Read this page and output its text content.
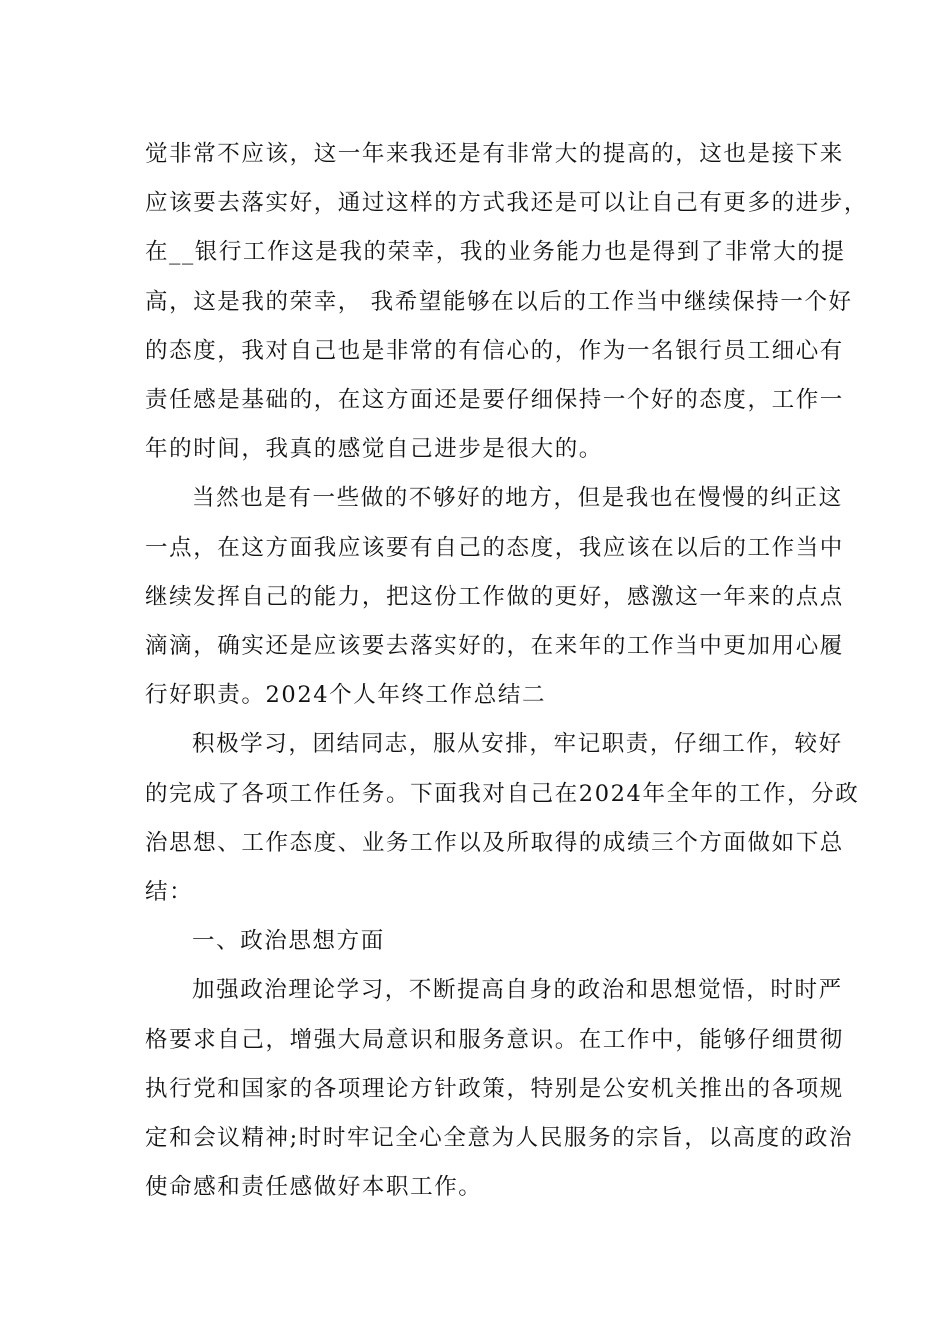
觉非常不应该，这一年来我还是有非常大的提高的，这也是接下来
应该要去落实好，通过这样的方式我还是可以让自己有更多的进步，
在__银行工作这是我的荣幸，我的业务能力也是得到了非常大的提
高，这是我的荣幸， 我希望能够在以后的工作当中继续保持一个好
的态度，我对自己也是非常的有信心的，作为一名银行员工细心有
责任感是基础的，在这方面还是要仔细保持一个好的态度，工作一
年的时间，我真的感觉自己进步是很大的。

当然也是有一些做的不够好的地方，但是我也在慢慢的纠正这
一点，在这方面我应该要有自己的态度，我应该在以后的工作当中
继续发挥自己的能力，把这份工作做的更好，感激这一年来的点点
滴滴，确实还是应该要去落实好的，在来年的工作当中更加用心履
行好职责。2024个人年终工作总结二

积极学习，团结同志，服从安排，牢记职责，仔细工作，较好
的完成了各项工作任务。下面我对自己在2024年全年的工作，分政
治思想、工作态度、业务工作以及所取得的成绩三个方面做如下总
结：

一、政治思想方面

加强政治理论学习，不断提高自身的政治和思想觉悟，时时严
格要求自己，增强大局意识和服务意识。在工作中，能够仔细贯彻
执行党和国家的各项理论方针政策，特别是公安机关推出的各项规
定和会议精神;时时牢记全心全意为人民服务的宗旨，以高度的政治
使命感和责任感做好本职工作。
